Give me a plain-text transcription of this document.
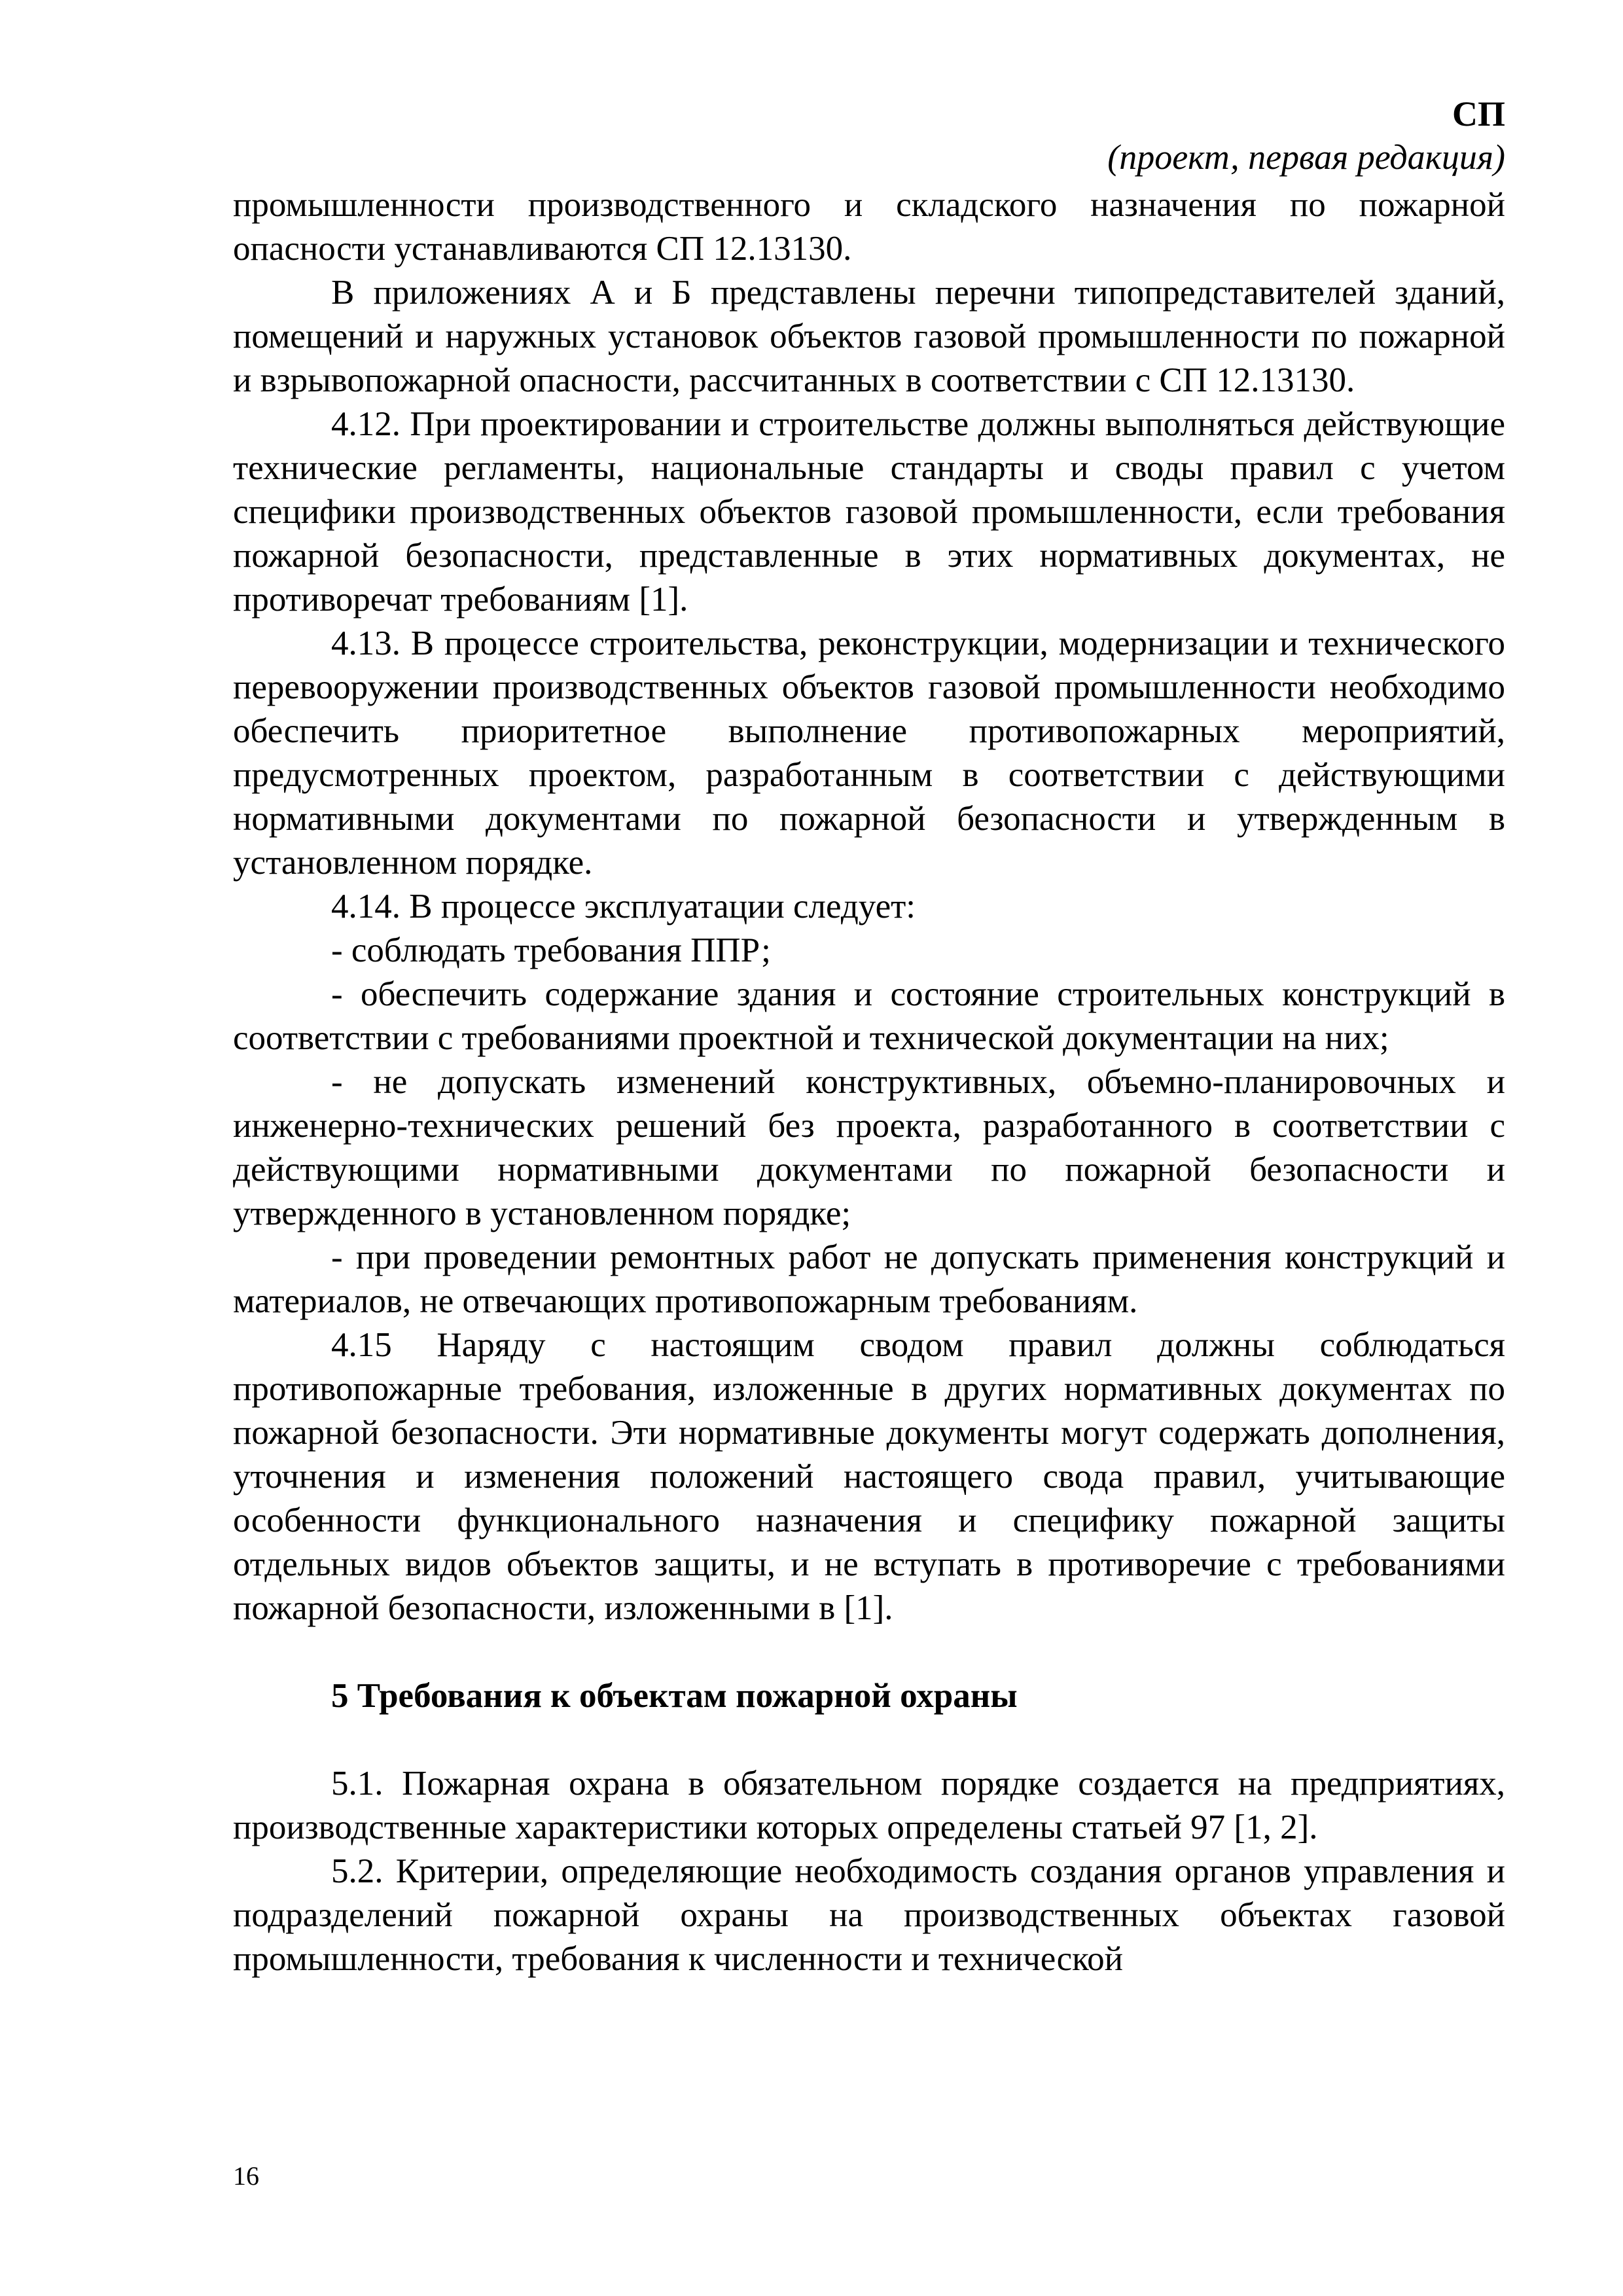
СП
(проект, первая редакция)

промышленности производственного и складского назначения по пожарной опасности устанавливаются СП 12.13130.

В приложениях А и Б представлены перечни типопредставителей зданий, помещений и наружных установок объектов газовой промышленности по пожарной и взрывопожарной опасности, рассчитанных в соответствии с СП 12.13130.

4.12. При проектировании и строительстве должны выполняться действующие технические регламенты, национальные стандарты и своды правил с учетом специфики производственных объектов газовой промышленности, если требования пожарной безопасности, представленные в этих нормативных документах, не противоречат требованиям [1].

4.13. В процессе строительства, реконструкции, модернизации и технического перевооружении производственных объектов газовой промышленности необходимо обеспечить приоритетное выполнение противопожарных мероприятий, предусмотренных проектом, разработанным в соответствии с действующими нормативными документами по пожарной безопасности и утвержденным в установленном порядке.

4.14. В процессе эксплуатации следует:

- соблюдать требования ППР;

- обеспечить содержание здания и состояние строительных конструкций в соответствии с требованиями проектной и технической документации на них;

- не допускать изменений конструктивных, объемно-планировочных и инженерно-технических решений без проекта, разработанного в соответствии с действующими нормативными документами по пожарной безопасности и утвержденного в установленном порядке;

- при проведении ремонтных работ не допускать применения конструкций и материалов, не отвечающих противопожарным требованиям.

4.15 Наряду с настоящим сводом правил должны соблюдаться противопожарные требования, изложенные в других нормативных документах по пожарной безопасности. Эти нормативные документы могут содержать дополнения, уточнения и изменения положений настоящего свода правил, учитывающие особенности функционального назначения и специфику пожарной защиты отдельных видов объектов защиты, и не вступать в противоречие с требованиями пожарной безопасности, изложенными в [1].

5 Требования к объектам пожарной охраны

5.1. Пожарная охрана в обязательном порядке создается на предприятиях, производственные характеристики которых определены статьей 97 [1, 2].

5.2. Критерии, определяющие необходимость создания органов управления и подразделений пожарной охраны на производственных объектах газовой промышленности, требования к численности и технической

16
